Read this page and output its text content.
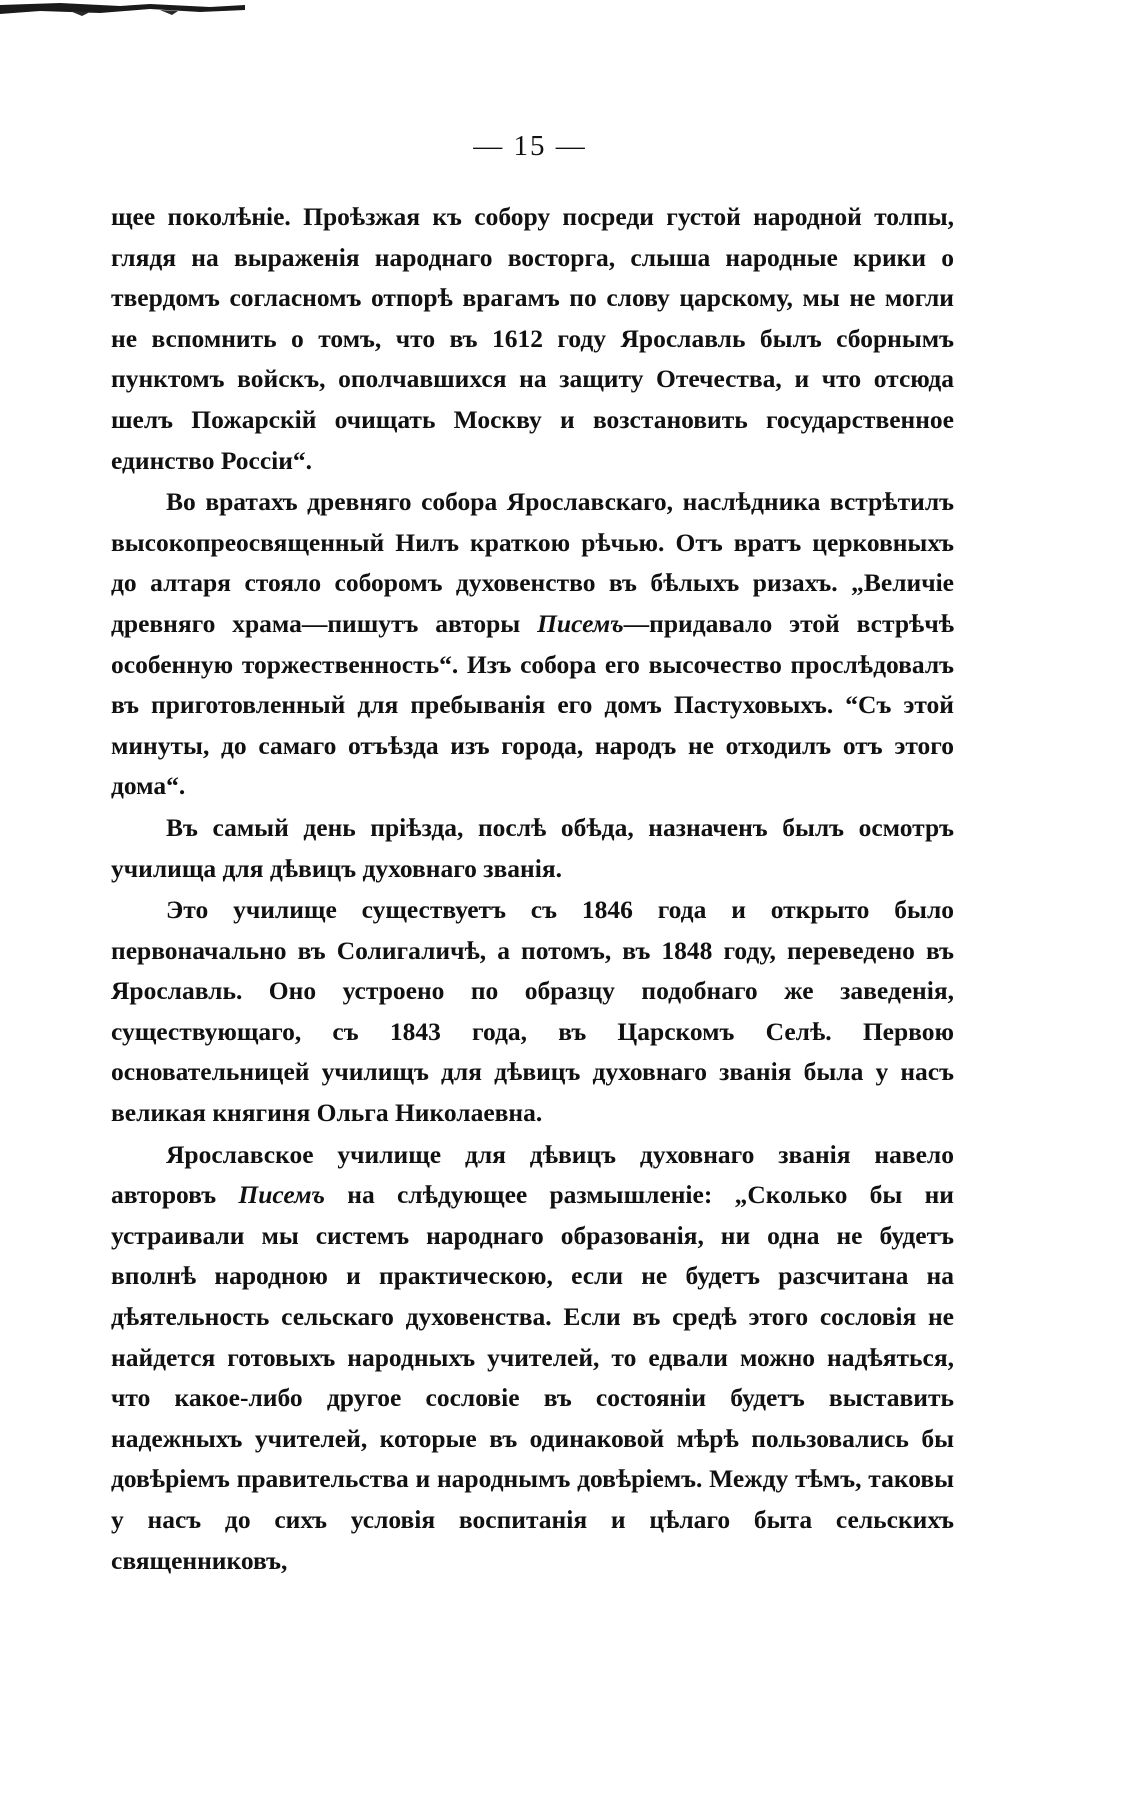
— 15 —

щее поколѣніе. Проѣзжая къ собору посреди густой народной толпы, глядя на выраженія народнаго восторга, слыша народные крики о твердомъ согласномъ отпорѣ врагамъ по слову царскому, мы не могли не вспомнить о томъ, что въ 1612 году Ярославль былъ сборнымъ пунктомъ войскъ, ополчавшихся на защиту Отечества, и что отсюда шелъ Пожарскій очищать Москву и возстановить государственное единство Россіи“.

Во вратахъ древняго собора Ярославскаго, наслѣдника встрѣтилъ высокопреосвященный Нилъ краткою рѣчью. Отъ вратъ церковныхъ до алтаря стояло соборомъ духовенство въ бѣлыхъ ризахъ. „Величіе древняго храма—пишутъ авторы Писемъ—придавало этой встрѣчѣ особенную торжественность“. Изъ собора его высочество прослѣдовалъ въ приготовленный для пребыванія его домъ Пастуховыхъ. “Съ этой минуты, до самаго отъѣзда изъ города, народъ не отходилъ отъ этого дома“.

Въ самый день пріѣзда, послѣ обѣда, назначенъ былъ осмотръ училища для дѣвицъ духовнаго званія.

Это училище существуетъ съ 1846 года и открыто было первоначально въ Солигаличѣ, а потомъ, въ 1848 году, переведено въ Ярославль. Оно устроено по образцу подобнаго же заведенія, существующаго, съ 1843 года, въ Царскомъ Селѣ. Первою основательницей училищъ для дѣвицъ духовнаго званія была у насъ великая княгиня Ольга Николаевна.

Ярославское училище для дѣвицъ духовнаго званія навело авторовъ Писемъ на слѣдующее размышленіе: „Сколько бы ни устраивали мы системъ народнаго образованія, ни одна не будетъ вполнѣ народною и практическою, если не будетъ разсчитана на дѣятельность сельскаго духовенства. Если въ средѣ этого сословія не найдется готовыхъ народныхъ учителей, то едвали можно надѣяться, что какое-либо другое сословіе въ состояніи будетъ выставить надежныхъ учителей, которые въ одинаковой мѣрѣ пользовались бы довѣріемъ правительства и народнымъ довѣріемъ. Между тѣмъ, таковы у насъ до сихъ условія воспитанія и цѣлаго быта сельскихъ священниковъ,
